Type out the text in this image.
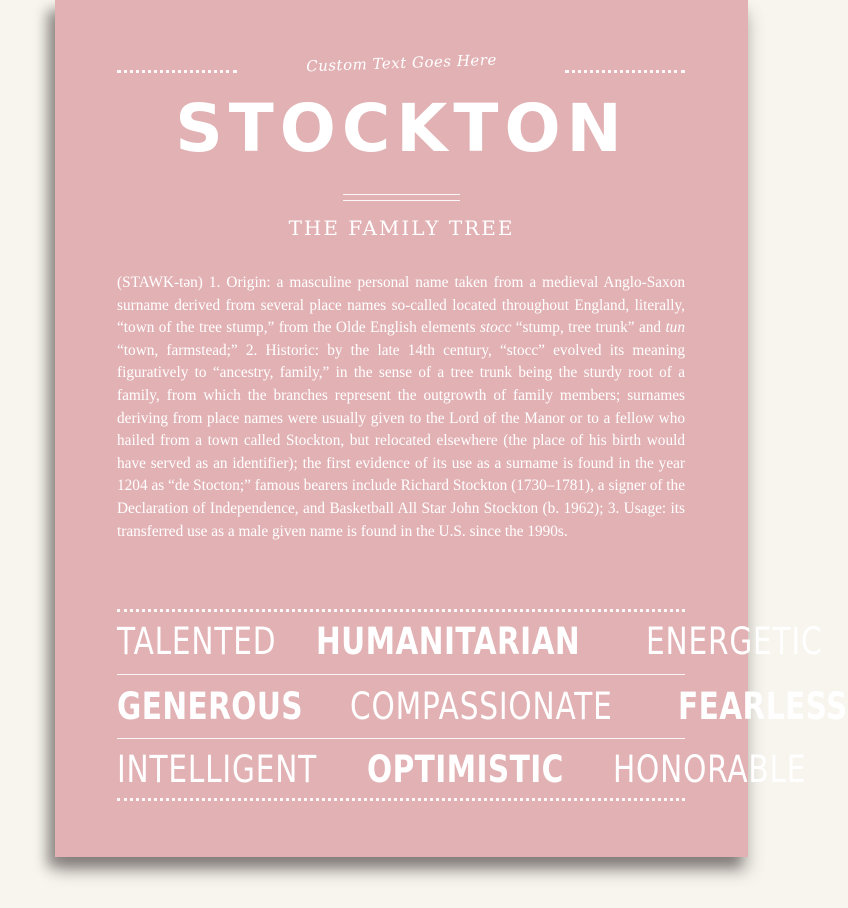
Custom Text Goes Here
STOCKTON
THE FAMILY TREE

(STAWK-tən) 1. Origin: a masculine personal name taken from a medieval Anglo-Saxon surname derived from several place names so-called located throughout England, literally, “town of the tree stump,” from the Olde English elements stocc “stump, tree trunk” and tun “town, farmstead;” 2. Historic: by the late 14th century, “stocc” evolved its meaning figuratively to “ancestry, family,” in the sense of a tree trunk being the sturdy root of a family, from which the branches represent the outgrowth of family members; surnames deriving from place names were usually given to the Lord of the Manor or to a fellow who hailed from a town called Stockton, but relocated elsewhere (the place of his birth would have served as an identifier); the first evidence of its use as a surname is found in the year 1204 as “de Stocton;” famous bearers include Richard Stockton (1730–1781), a signer of the Declaration of Independence, and Basketball All Star John Stockton (b. 1962); 3. Usage: its transferred use as a male given name is found in the U.S. since the 1990s.

TALENTED HUMANITARIAN ENERGETIC
GENEROUS COMPASSIONATE FEARLESS
INTELLIGENT OPTIMISTIC HONORABLE
